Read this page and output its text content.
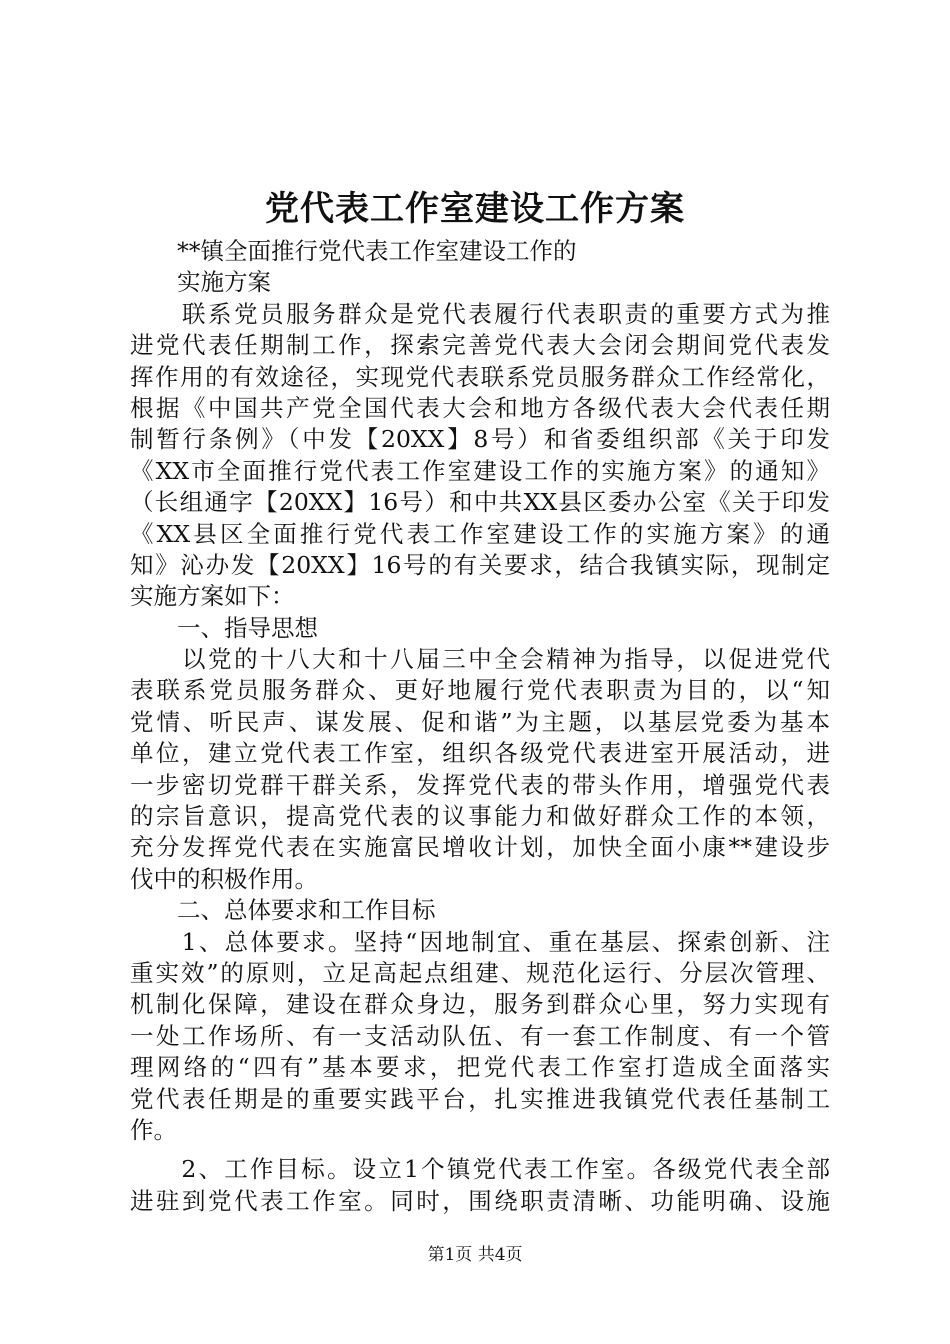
党代表工作室建设工作方案
　　**镇全面推行党代表工作室建设工作的
　　实施方案
　　联系党员服务群众是党代表履行代表职责的重要方式为推
进党代表任期制工作，探索完善党代表大会闭会期间党代表发
挥作用的有效途径，实现党代表联系党员服务群众工作经常化，
根据《中国共产党全国代表大会和地方各级代表大会代表任期
制暂行条例》（中发【20XX】8号）和省委组织部《关于印发
《XX市全面推行党代表工作室建设工作的实施方案》的通知》
（长组通字【20XX】16号）和中共XX县区委办公室《关于印发
《XX县区全面推行党代表工作室建设工作的实施方案》的通
知》沁办发【20XX】16号的有关要求，结合我镇实际，现制定
实施方案如下：
　　一、指导思想
　　以党的十八大和十八届三中全会精神为指导，以促进党代
表联系党员服务群众、更好地履行党代表职责为目的，以“知
党情、听民声、谋发展、促和谐”为主题，以基层党委为基本
单位，建立党代表工作室，组织各级党代表进室开展活动，进
一步密切党群干群关系，发挥党代表的带头作用，增强党代表
的宗旨意识，提高党代表的议事能力和做好群众工作的本领，
充分发挥党代表在实施富民增收计划，加快全面小康**建设步
伐中的积极作用。
　　二、总体要求和工作目标
　　1、总体要求。坚持“因地制宜、重在基层、探索创新、注
重实效”的原则，立足高起点组建、规范化运行、分层次管理、
机制化保障，建设在群众身边，服务到群众心里，努力实现有
一处工作场所、有一支活动队伍、有一套工作制度、有一个管
理网络的“四有”基本要求，把党代表工作室打造成全面落实
党代表任期是的重要实践平台，扎实推进我镇党代表任基制工
作。
　　2、工作目标。设立1个镇党代表工作室。各级党代表全部
进驻到党代表工作室。同时，围绕职责清晰、功能明确、设施
第1页 共4页
